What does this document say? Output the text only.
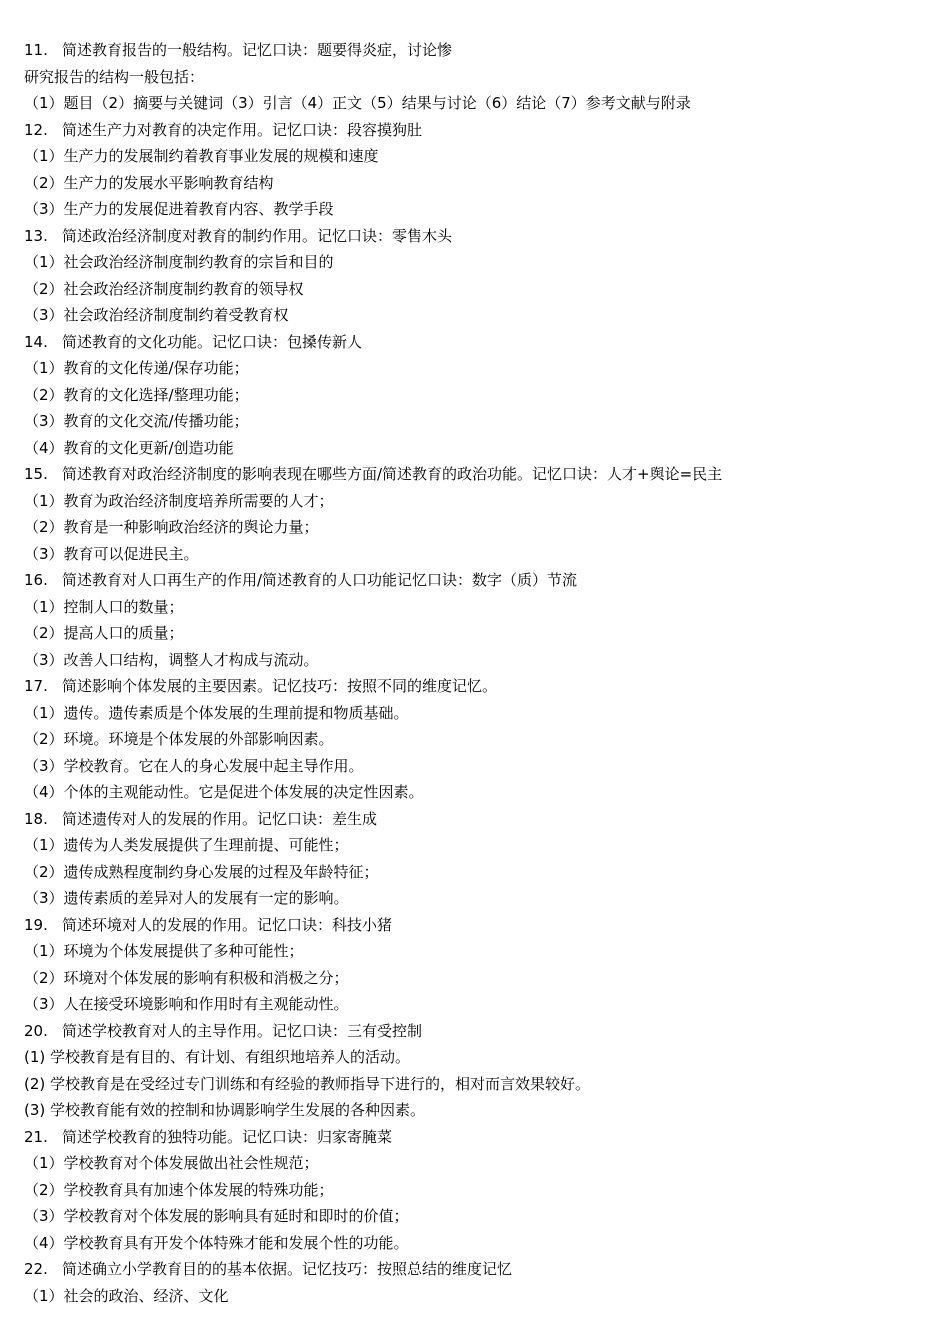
11. 简述教育报告的一般结构。记忆口诀：题要得炎症，讨论惨
研究报告的结构一般包括：
（1）题目（2）摘要与关键词（3）引言（4）正文（5）结果与讨论（6）结论（7）参考文献与附录
12. 简述生产力对教育的决定作用。记忆口诀：段容摸狗肚
（1）生产力的发展制约着教育事业发展的规模和速度
（2）生产力的发展水平影响教育结构
（3）生产力的发展促进着教育内容、教学手段
13. 简述政治经济制度对教育的制约作用。记忆口诀：零售木头
（1）社会政治经济制度制约教育的宗旨和目的
（2）社会政治经济制度制约教育的领导权
（3）社会政治经济制度制约着受教育权
14. 简述教育的文化功能。记忆口诀：包搡传新人
（1）教育的文化传递/保存功能；
（2）教育的文化选择/整理功能；
（3）教育的文化交流/传播功能；
（4）教育的文化更新/创造功能
15. 简述教育对政治经济制度的影响表现在哪些方面/简述教育的政治功能。记忆口诀：人才+舆论=民主
（1）教育为政治经济制度培养所需要的人才；
（2）教育是一种影响政治经济的舆论力量；
（3）教育可以促进民主。
16. 简述教育对人口再生产的作用/简述教育的人口功能记忆口诀：数字（质）节流
（1）控制人口的数量；
（2）提高人口的质量；
（3）改善人口结构，调整人才构成与流动。
17. 简述影响个体发展的主要因素。记忆技巧：按照不同的维度记忆。
（1）遗传。遗传素质是个体发展的生理前提和物质基础。
（2）环境。环境是个体发展的外部影响因素。
（3）学校教育。它在人的身心发展中起主导作用。
（4）个体的主观能动性。它是促进个体发展的决定性因素。
18. 简述遗传对人的发展的作用。记忆口诀：差生成
（1）遗传为人类发展提供了生理前提、可能性；
（2）遗传成熟程度制约身心发展的过程及年龄特征；
（3）遗传素质的差异对人的发展有一定的影响。
19. 简述环境对人的发展的作用。记忆口诀：科技小猪
（1）环境为个体发展提供了多种可能性；
（2）环境对个体发展的影响有积极和消极之分；
（3）人在接受环境影响和作用时有主观能动性。
20. 简述学校教育对人的主导作用。记忆口诀：三有受控制
(1) 学校教育是有目的、有计划、有组织地培养人的活动。
(2) 学校教育是在受经过专门训练和有经验的教师指导下进行的，相对而言效果较好。
(3) 学校教育能有效的控制和协调影响学生发展的各种因素。
21. 简述学校教育的独特功能。记忆口诀：归家寄腌菜
（1）学校教育对个体发展做出社会性规范；
（2）学校教育具有加速个体发展的特殊功能；
（3）学校教育对个体发展的影响具有延时和即时的价值；
（4）学校教育具有开发个体特殊才能和发展个性的功能。
22. 简述确立小学教育目的的基本依据。记忆技巧：按照总结的维度记忆
（1）社会的政治、经济、文化
